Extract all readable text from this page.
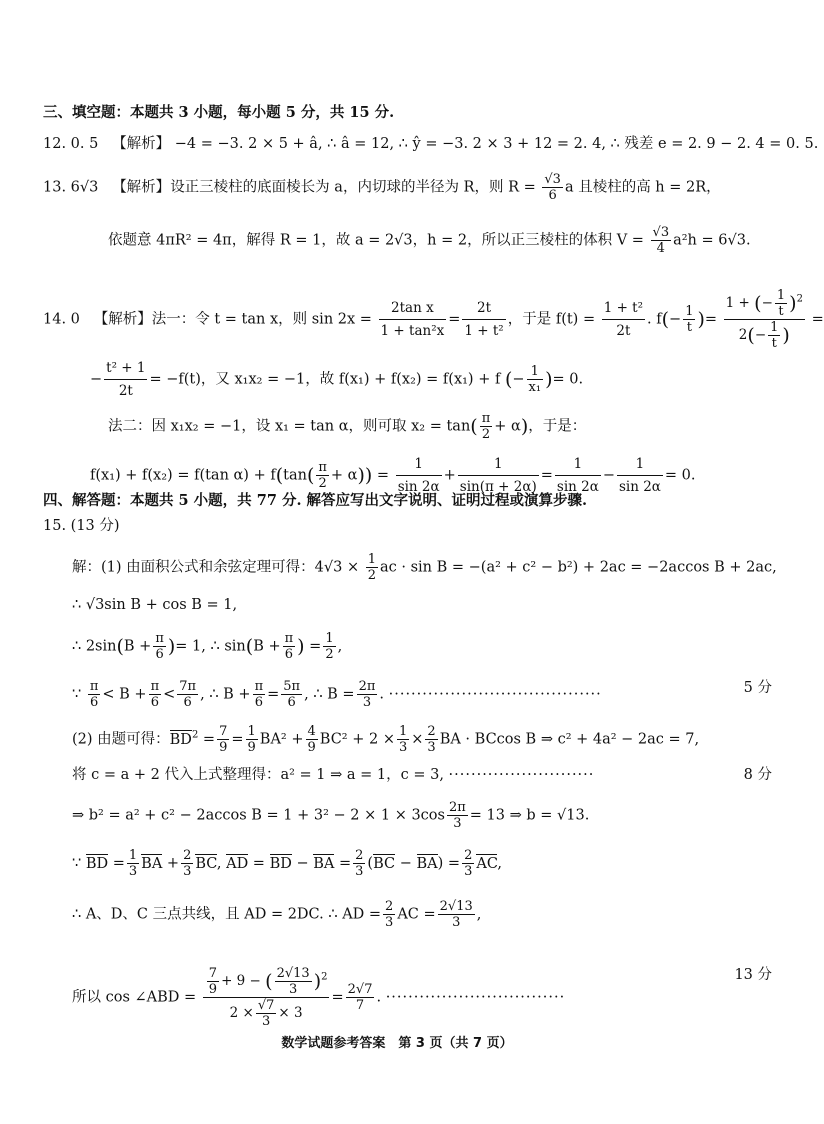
三、填空题：本题共 3 小题，每小题 5 分，共 15 分.
12. 0. 5 【解析】 −4 = −3. 2 × 5 + â, ∴ â = 12, ∴ ŷ = −3. 2 × 3 + 12 = 2. 4, ∴ 残差 e = 2. 9 − 2. 4 = 0. 5.
13. 6√3 【解析】设正三棱柱的底面棱长为 a，内切球的半径为 R，则 $R = \frac{√3}{6}$ a 且棱柱的高 h = 2R，
依题意 4πR² = 4π，解得 R = 1，故 a = 2√3，h = 2，所以正三棱柱的体积 $V = \frac{√3}{4} a^2h = 6√3$.
14. 0 【解析】法一：令 t = tan x，则 $\sin 2x = \frac{\text{2tan x}}{\text{1 + tan²x}} = \frac{2t}{\text{1 + t²}}$ ，于是 $f(t) = \frac{\text{1 + t²}}{2t}$ . $f(- \frac{1}{t}$ )= $\frac{1 + (- \frac{1}{t} )^2}{2(- \frac{1}{t} )}$ =
− $\frac{\text{t² + 1}}{2t} = -f(t)$，又 x₁x₂ = −1，故 f(x₁) + f(x₂) = f(x₁) + f (− $\frac{1}{\text{x₁}}$ )= 0.
法二：因 x₁x₂ = −1，设 x₁ = tan α，则可取 $x_2 = \tan( \frac{\pi}{2} + \alpha)$，于是：
f(x₁) + f(x₂) = f(tan $\alpha) + f(\tan( \frac{\pi}{2} + \alpha)) = \frac{1}{\sin 2\alpha} + \frac{1}{\sin(\pi + 2\alpha)} = \frac{1}{\sin 2\alpha} - \frac{1}{\sin 2\alpha} = 0$.
四、解答题：本题共 5 小题，共 77 分. 解答应写出文字说明、证明过程或演算步骤.
15. (13 分)
解：(1) 由面积公式和余弦定理可得：$4√3 \times \frac{1}{2}$ ac · sin B = −(a² + c² − b²) + 2ac = −2accos B + 2ac,
∴ √3sin B + cos B = 1,
∴ $2\sin(B + \frac{\pi}{6}$ )= 1, ∴ $\sin(B + \frac{\pi}{6}$ ) = $\frac{1}{2}$ ,
∵ $\frac{\pi}{6} < B + \frac{\pi}{6} < \frac{7\pi}{6}$ , ∴ $B + \frac{\pi}{6} = \frac{5\pi}{6}$ , ∴ $B = \frac{2\pi}{3}$ . ······································	5 分
(2) 由题可得：$BD^2 = \frac{7}{9} = \frac{1}{9} BA^2 + \frac{4}{9} BC^2 + 2 \times \frac{1}{3} \times \frac{2}{3}$ BA · BCcos B ⇒ c² + 4a² − 2ac = 7,
将 c = a + 2 代入上式整理得：a² = 1 ⇒ a = 1，c = 3, ··························	8 分
⇒ b² = a² + c² − 2accos $B = 1 + 3^2 - 2 \times 1 \times 3\cos \frac{2\pi}{3} = 13$ ⇒ b = √13.
∵ BD = $\frac{1}{3}$ BA + $\frac{2}{3}$ BC, AD = BD − BA = $\frac{2}{3} (BC - BA) = \frac{2}{3}$ AC,
∴ A、D、C 三点共线，且 AD = 2DC. ∴ AD = $\frac{2}{3}$ AC = $\frac{2√13}{3}$ ,
所以 cos ∠ABD = $\frac{\frac{7}{9} + 9 - ( \frac{2√13}{3} )^2}{2 \times \frac{√7}{3} \times 3} = \frac{2√7}{7}$ . ································
13 分
数学试题参考答案　第 3 页（共 7 页）
